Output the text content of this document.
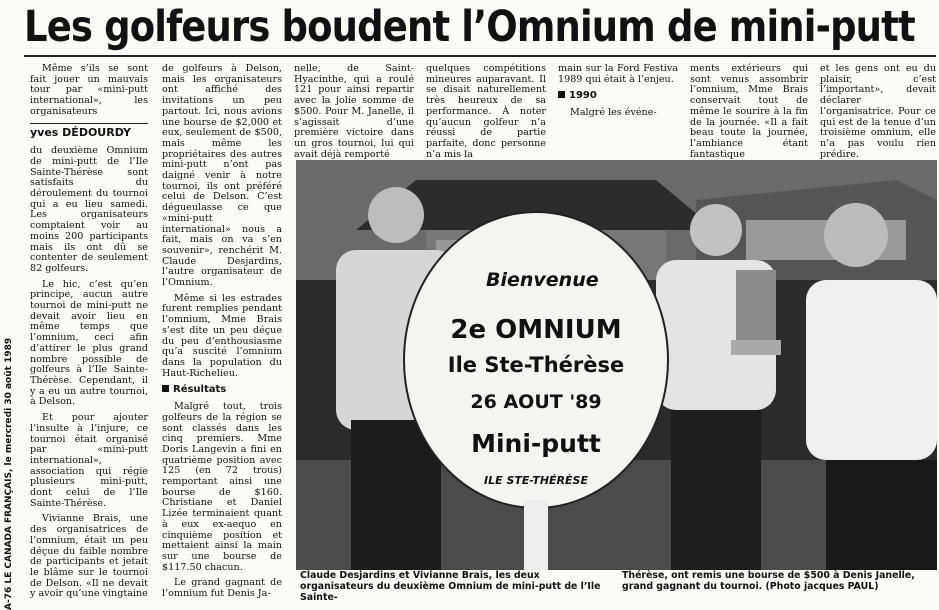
Les golfeurs boudent l’Omnium de mini-putt
A-76 LE CANADA FRANÇAIS, le mercredi 30 août 1989

Même s’ils se sont fait jouer un mauvais tour par «mini-putt international», les organisateurs

yves DÉDOURDY

du deuxième Omnium de mini-putt de l’Ile Sainte-Thérèse sont satisfaits du déroulement du tournoi qui a eu lieu samedi. Les organisateurs comptaient voir au moins 200 participants mais ils ont dû se contenter de seulement 82 golfeurs.

Le hic, c’est qu’en principe, aucun autre tournoi de mini-putt ne devait avoir lieu en même temps que l’omnium, ceci afin d’attirer le plus grand nombre possible de golfeurs à l’Ile Sainte-Thérèse. Cependant, il y a eu un autre tournoi, à Delson.

Et pour ajouter l’insulte à l’injure, ce tournoi était organisé par «mini-putt international», association qui régie plusieurs mini-putt, dont celui de l’Ile Sainte-Thérèse.

Vivianne Brais, une des organisatrices de l’omnium, était un peu déçue du faible nombre de participants et jetait le blâme sur le tournoi de Delson. «Il ne devait y avoir qu’une vingtaine

de golfeurs à Delson, mais les organisateurs ont affiché des invitations un peu partout. Ici, nous avions une bourse de $2,000 et eux, seulement de $500, mais même les propriétaires des autres mini-putt n’ont pas daigné venir à notre tournoi, ils ont préféré celui de Delson. C’est dégueulasse ce que «mini-putt international» nous a fait, mais on va s’en souvenir», renchérit M. Claude Desjardins, l’autre organisateur de l’Omnium.

Même si les estrades furent remplies pendant l’omnium, Mme Brais s’est dite un peu déçue du peu d’enthousiasme qu’a suscité l’omnium dans la population du Haut-Richelieu.

Résultats

Malgré tout, trois golfeurs de la région se sont classés dans les cinq premiers. Mme Doris Langevin a fini en quatrième position avec 125 (en 72 trous) remportant ainsi une bourse de $160. Christiane et Daniel Lizée terminaient quant à eux ex-aequo en cinquième position et mettaient ainsi la main sur une bourse de $117.50 chacun.

Le grand gagnant de l’omnium fut Denis Ja-

nelle, de Saint-Hyacinthe, qui a roulé 121 pour ainsi repartir avec la jolie somme de $500. Pour M. Janelle, il s’agissait d’une première victoire dans un gros tournoi, lui qui avait déjà remporté

quelques compétitions mineures auparavant. Il se disait naturellement très heureux de sa performance. À noter qu’aucun golfeur n’a réussi de partie parfaite, donc personne n’a mis la

main sur la Ford Festiva 1989 qui était à l’enjeu.

1990

Malgré les événe-

ments extérieurs qui sont venus assombrir l’omnium, Mme Brais conservait tout de même le sourire à la fin de la journée. «Il a fait beau toute la journée, l’ambiance étant fantastique

et les gens ont eu du plaisir, c’est l’important», devait déclarer l’organisatrice. Pour ce qui est de la tenue d’un troisième omnium, elle n’a pas voulu rien prédire.

Bienvenue
2e OMNIUM
Ile Ste-Thérèse
26 AOUT '89
Mini-putt
ILE STE-THÉRÈSE
Claude Desjardins et Vivianne Brais, les deux organisateurs du deuxième Omnium de mini-putt de l’Ile Sainte-
Thérèse, ont remis une bourse de $500 à Denis Janelle, grand gagnant du tournoi. (Photo jacques PAUL)
